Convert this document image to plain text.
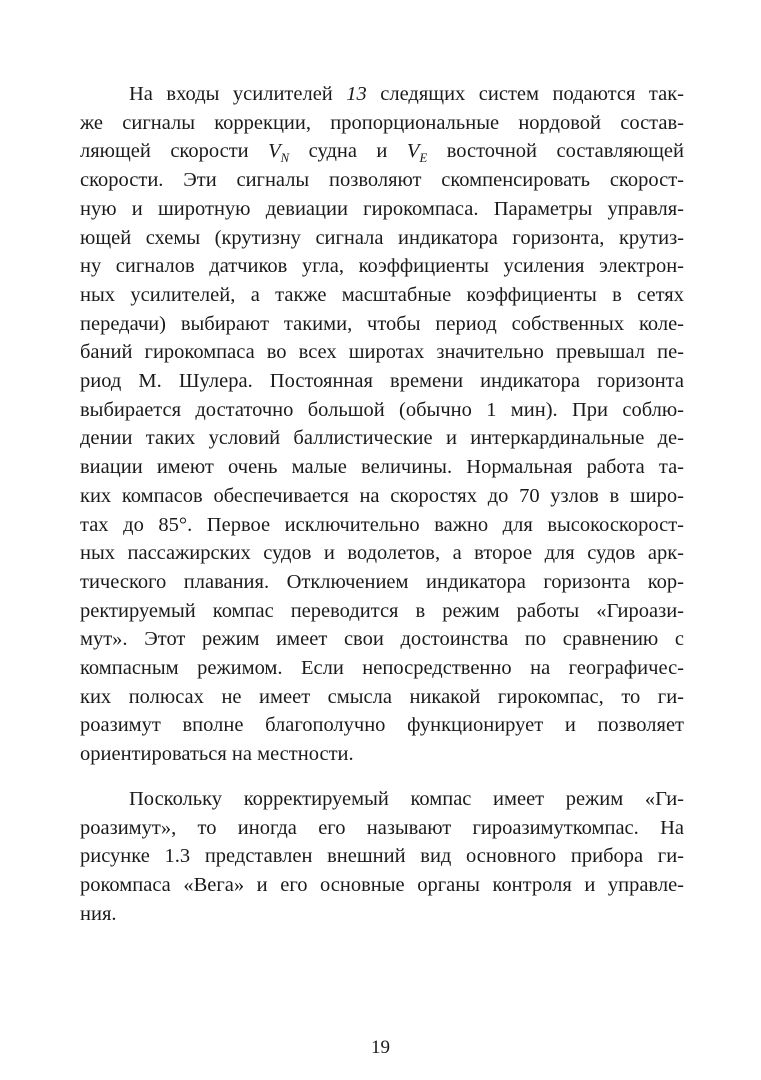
На входы усилителей 13 следящих систем подаются так-
же сигналы коррекции, пропорциональные нордовой состав-
ляющей скорости $V_N$ судна и $V_E$ восточной составляющей
скорости. Эти сигналы позволяют скомпенсировать скорост-
ную и широтную девиации гирокомпаса. Параметры управля-
ющей схемы (крутизну сигнала индикатора горизонта, крутиз-
ну сигналов датчиков угла, коэффициенты усиления электрон-
ных усилителей, а также масштабные коэффициенты в сетях
передачи) выбирают такими, чтобы период собственных коле-
баний гирокомпаса во всех широтах значительно превышал пе-
риод М. Шулера. Постоянная времени индикатора горизонта
выбирается достаточно большой (обычно 1 мин). При соблю-
дении таких условий баллистические и интеркардинальные де-
виации имеют очень малые величины. Нормальная работа та-
ких компасов обеспечивается на скоростях до 70 узлов в широ-
тах до 85°. Первое исключительно важно для высокоскорост-
ных пассажирских судов и водолетов, а второе для судов арк-
тического плавания. Отключением индикатора горизонта кор-
ректируемый компас переводится в режим работы «Гироази-
мут». Этот режим имеет свои достоинства по сравнению с
компасным режимом. Если непосредственно на географичес-
ких полюсах не имеет смысла никакой гирокомпас, то ги-
роазимут вполне благополучно функционирует и позволяет
ориентироваться на местности.
Поскольку корректируемый компас имеет режим «Ги-
роазимут», то иногда его называют гироазимуткомпас. На
рисунке 1.3 представлен внешний вид основного прибора ги-
рокомпаса «Вега» и его основные органы контроля и управле-
ния.
19
